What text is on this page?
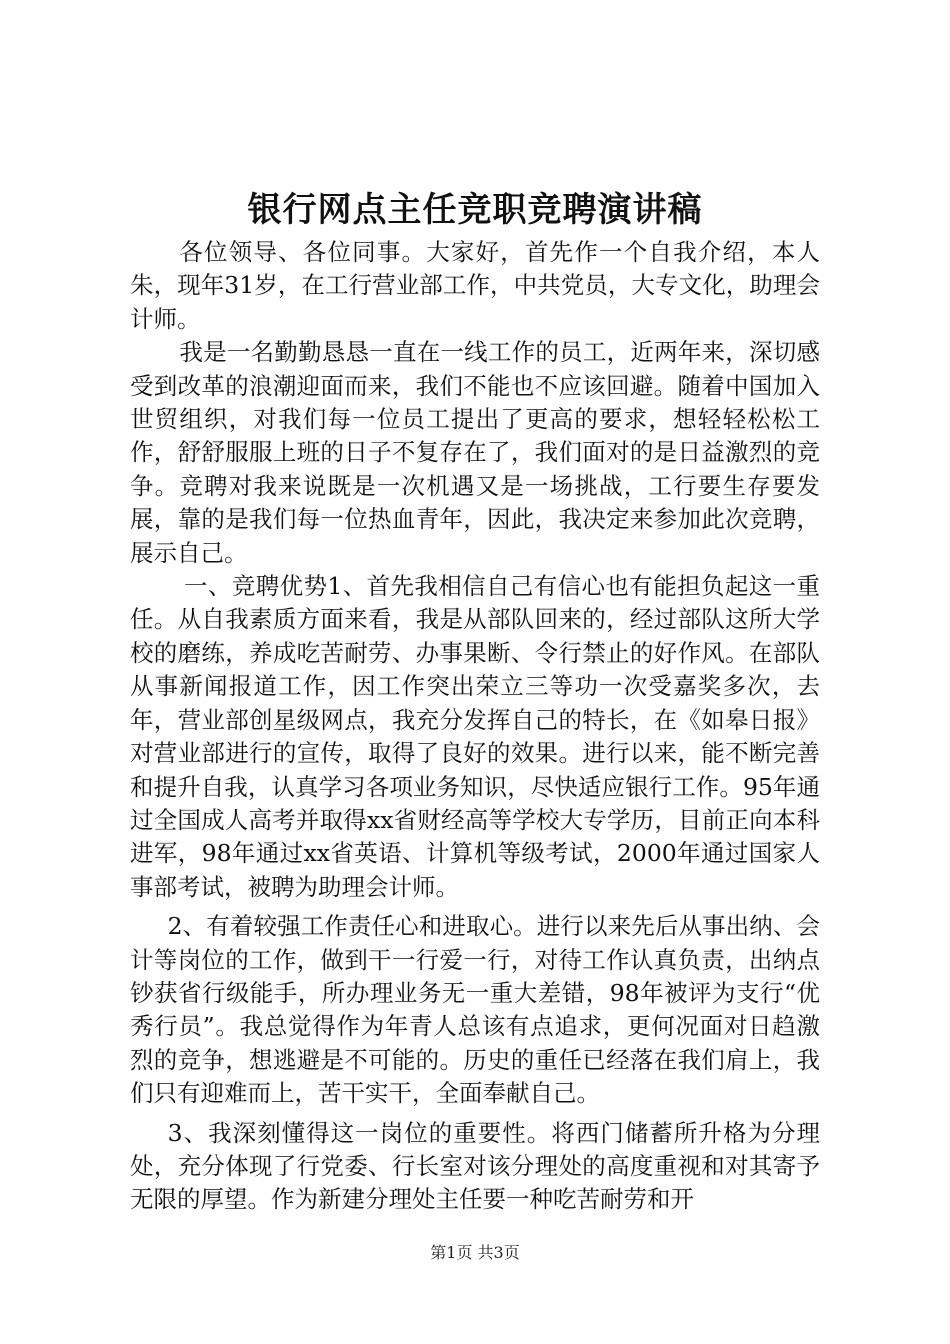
银行网点主任竞职竞聘演讲稿

各位领导、各位同事。大家好，首先作一个自我介绍，本人朱，现年31岁，在工行营业部工作，中共党员，大专文化，助理会计师。

我是一名勤勤恳恳一直在一线工作的员工，近两年来，深切感受到改革的浪潮迎面而来，我们不能也不应该回避。随着中国加入世贸组织，对我们每一位员工提出了更高的要求，想轻轻松松工作，舒舒服服上班的日子不复存在了，我们面对的是日益激烈的竞争。竞聘对我来说既是一次机遇又是一场挑战，工行要生存要发展，靠的是我们每一位热血青年，因此，我决定来参加此次竞聘，展示自己。

一、竞聘优势1、首先我相信自己有信心也有能担负起这一重任。从自我素质方面来看，我是从部队回来的，经过部队这所大学校的磨练，养成吃苦耐劳、办事果断、令行禁止的好作风。在部队从事新闻报道工作，因工作突出荣立三等功一次受嘉奖多次，去年，营业部创星级网点，我充分发挥自己的特长，在《如皋日报》对营业部进行的宣传，取得了良好的效果。进行以来，能不断完善和提升自我，认真学习各项业务知识，尽快适应银行工作。95年通过全国成人高考并取得xx省财经高等学校大专学历，目前正向本科进军，98年通过xx省英语、计算机等级考试，2000年通过国家人事部考试，被聘为助理会计师。

2、有着较强工作责任心和进取心。进行以来先后从事出纳、会计等岗位的工作，做到干一行爱一行，对待工作认真负责，出纳点钞获省行级能手，所办理业务无一重大差错，98年被评为支行“优秀行员”。我总觉得作为年青人总该有点追求，更何况面对日趋激烈的竞争，想逃避是不可能的。历史的重任已经落在我们肩上，我们只有迎难而上，苦干实干，全面奉献自己。

3、我深刻懂得这一岗位的重要性。将西门储蓄所升格为分理处，充分体现了行党委、行长室对该分理处的高度重视和对其寄予无限的厚望。作为新建分理处主任要一种吃苦耐劳和开

第1页 共3页
